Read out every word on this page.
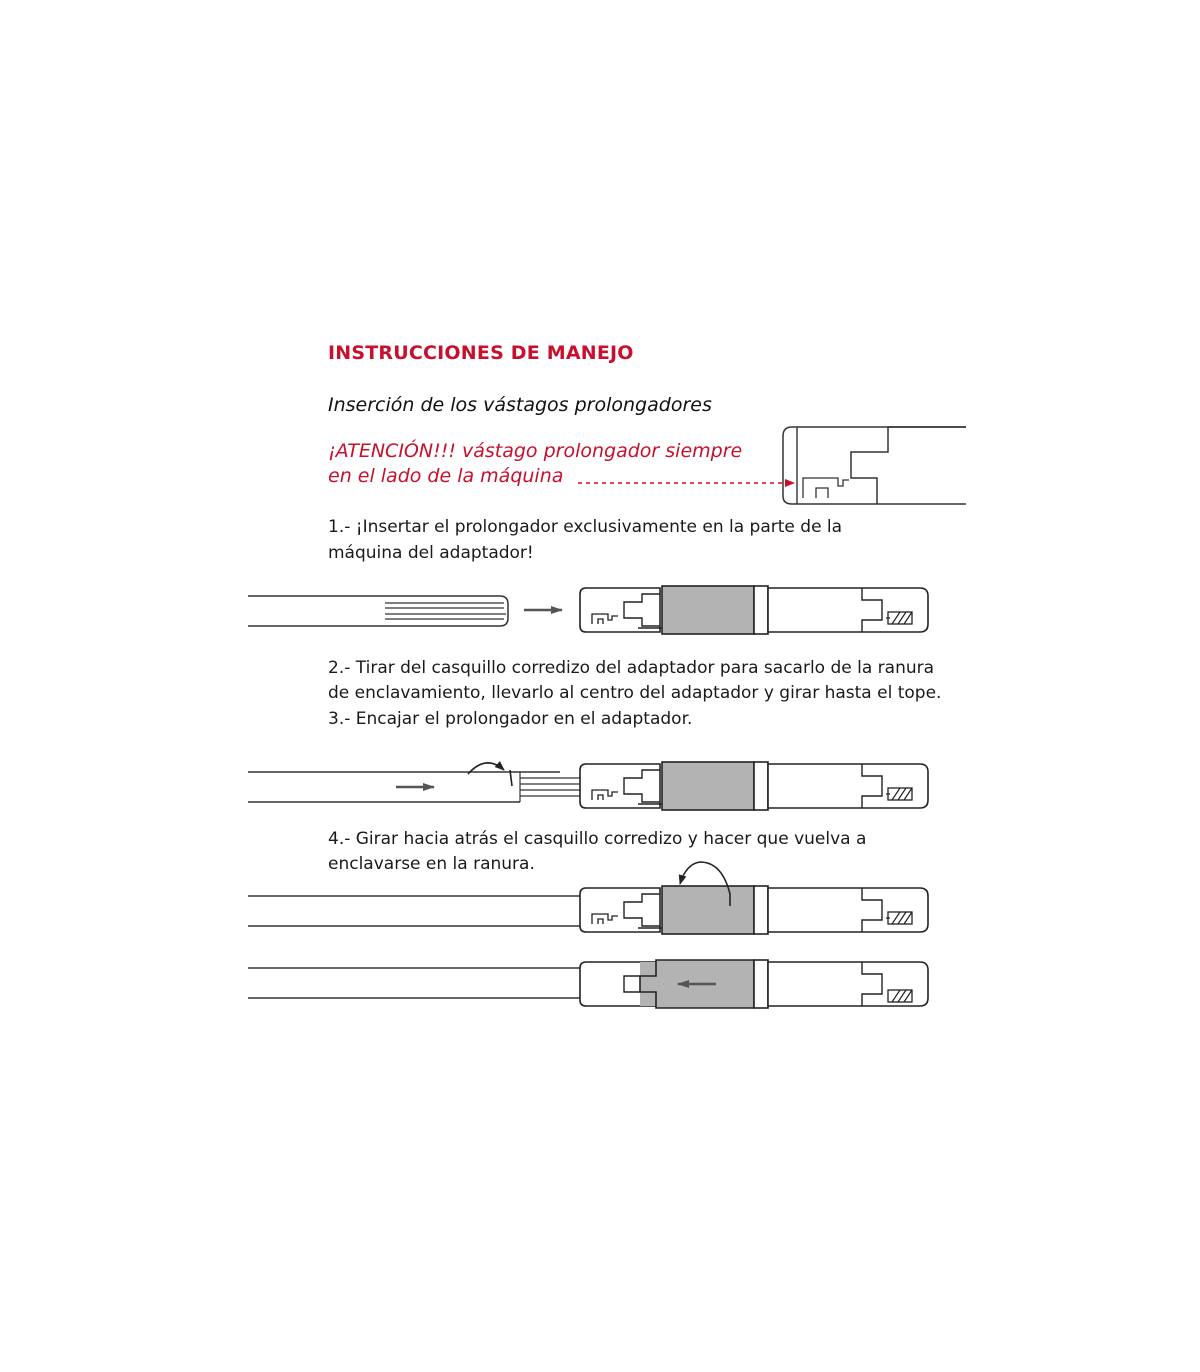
INSTRUCCIONES DE MANEJO
Inserción de los vástagos prolongadores
¡ATENCIÓN!!! vástago prolongador siempre
en el lado de la máquina
1.- ¡Insertar el prolongador exclusivamente en la parte de la
máquina del adaptador!
2.- Tirar del casquillo corredizo del adaptador para sacarlo de la ranura
de enclavamiento, llevarlo al centro del adaptador y girar hasta el tope.
3.- Encajar el prolongador en el adaptador.
4.- Girar hacia atrás el casquillo corredizo y hacer que vuelva a
enclavarse en la ranura.
